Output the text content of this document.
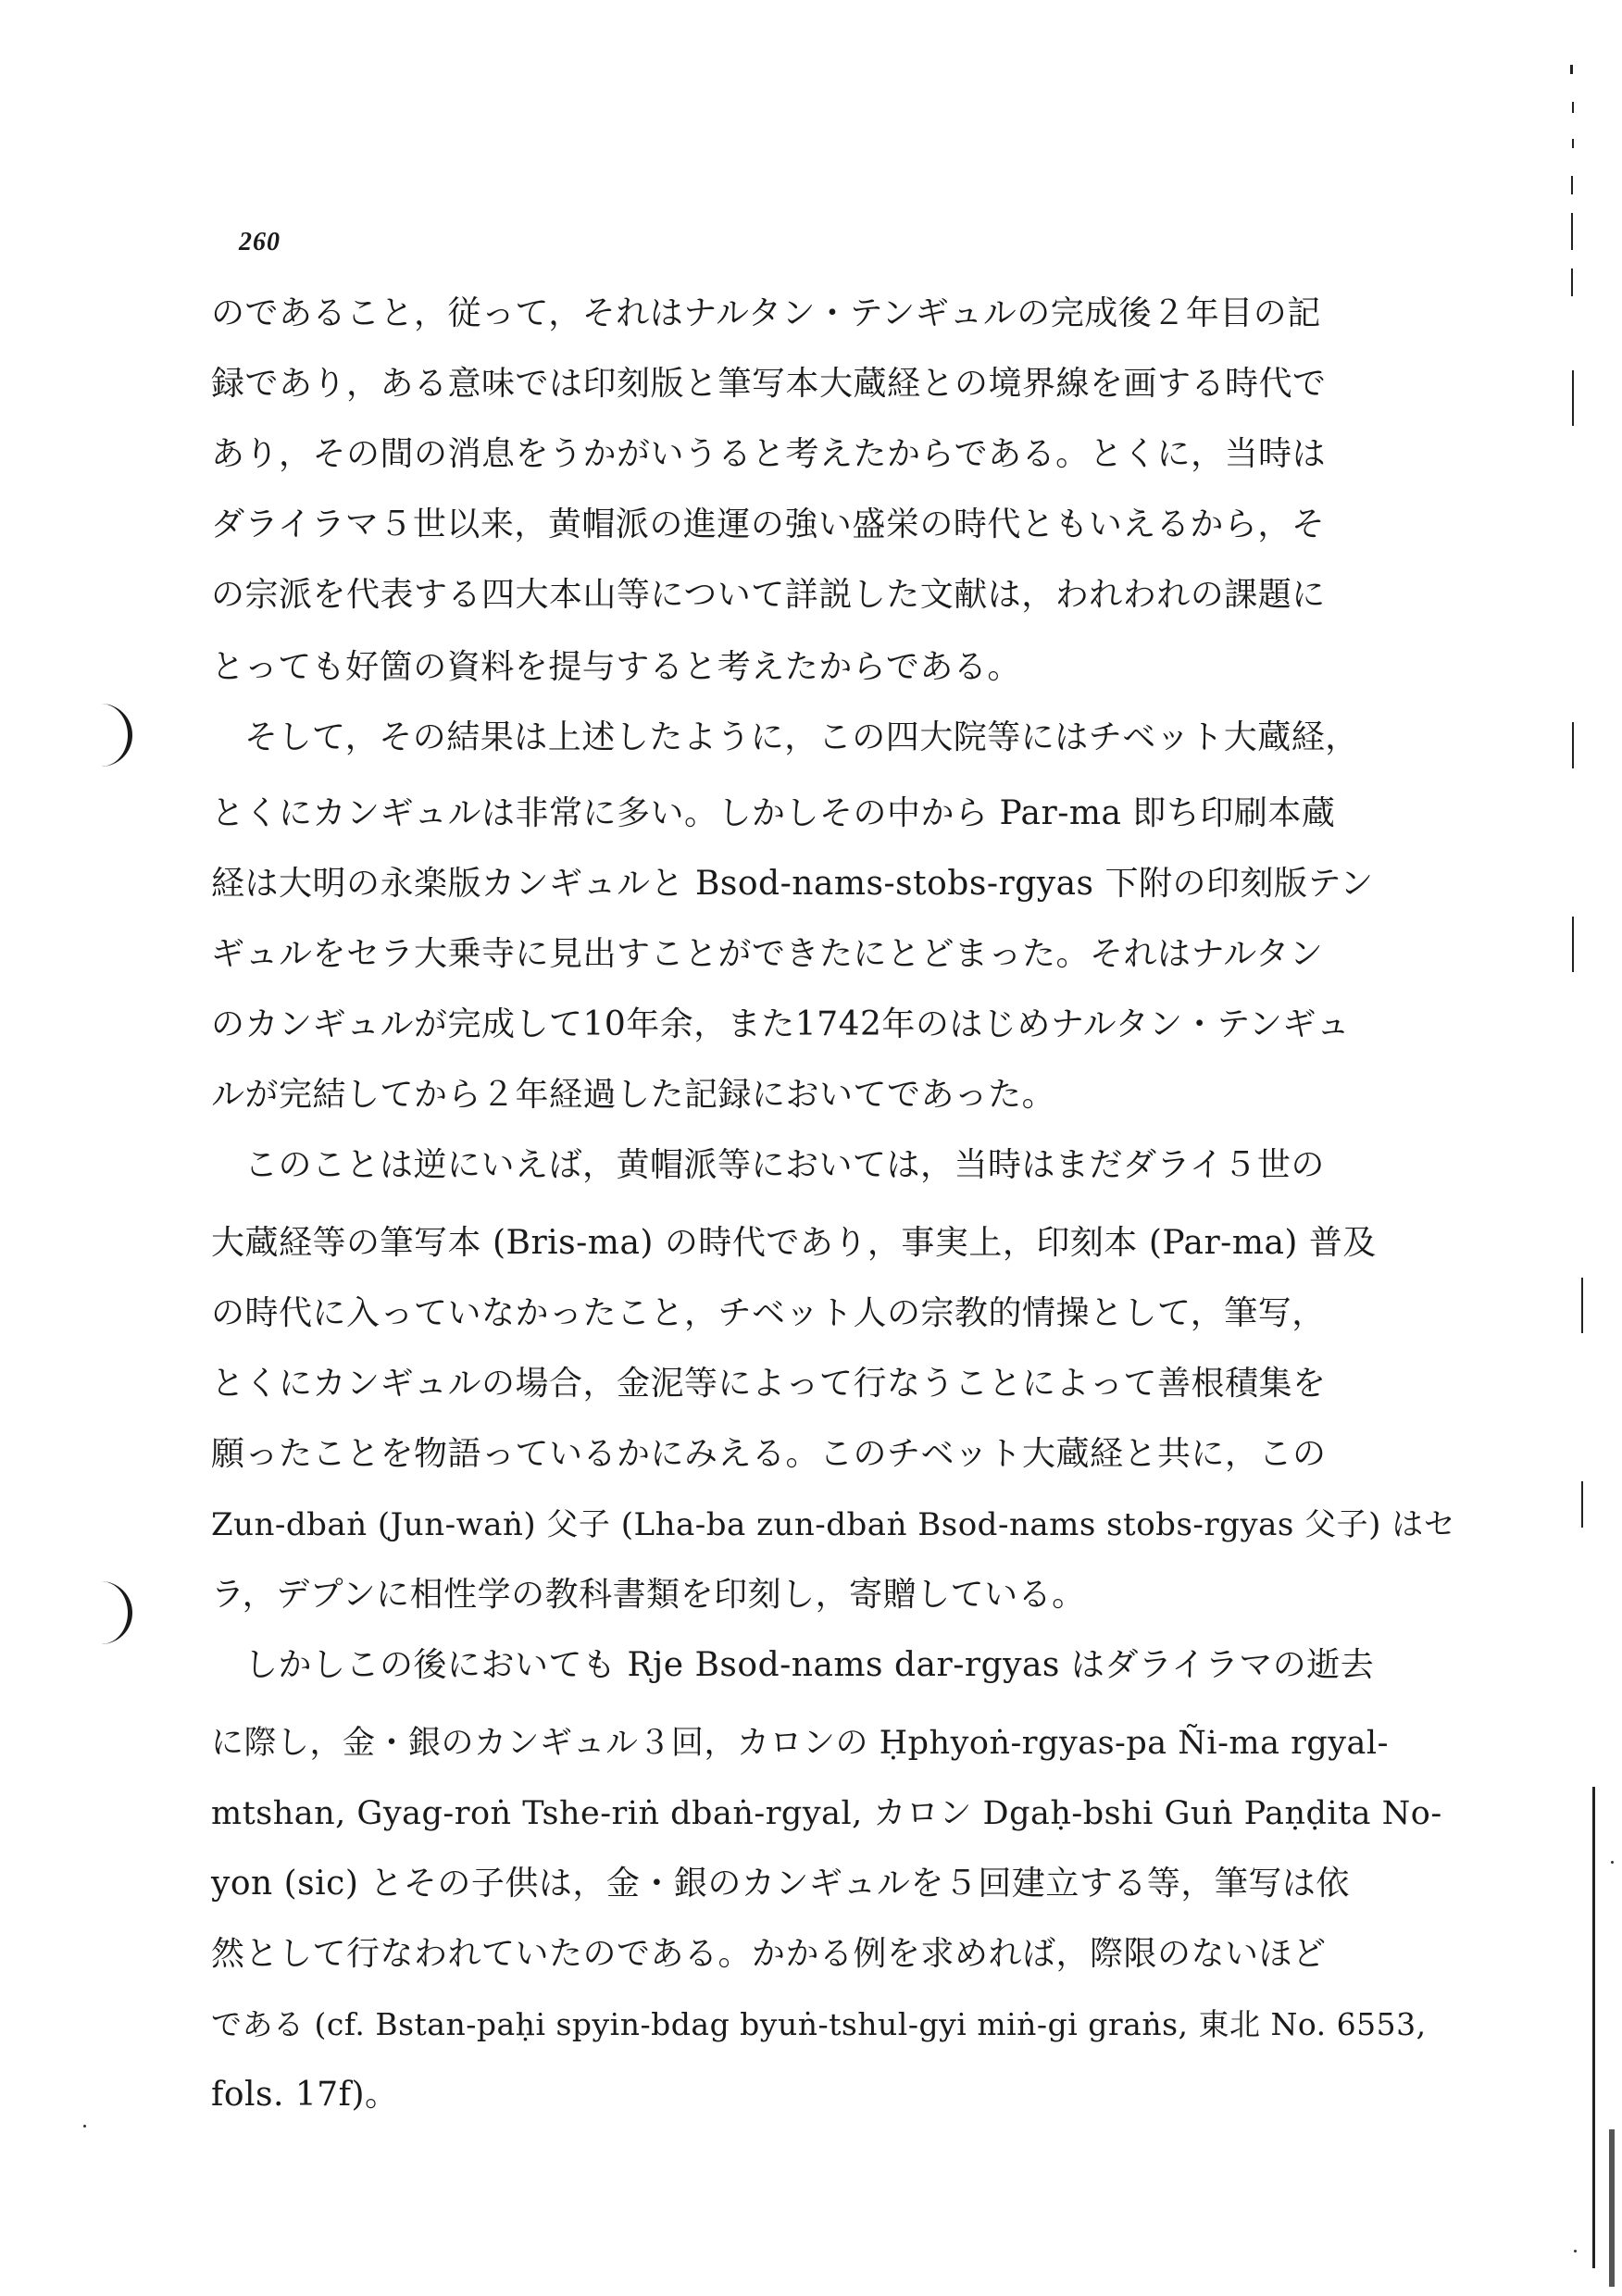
260
のであること，従って，それはナルタン・テンギュルの完成後２年目の記
録であり，ある意味では印刻版と筆写本大蔵経との境界線を画する時代で
あり，その間の消息をうかがいうると考えたからである。とくに，当時は
ダライラマ５世以来，黄帽派の進運の強い盛栄の時代ともいえるから，そ
の宗派を代表する四大本山等について詳説した文献は，われわれの課題に
とっても好箇の資料を提与すると考えたからである。
そして，その結果は上述したように，この四大院等にはチベット大蔵経，
とくにカンギュルは非常に多い。しかしその中から Par-ma 即ち印刷本蔵
経は大明の永楽版カンギュルと Bsod-nams-stobs-rgyas 下附の印刻版テン
ギュルをセラ大乗寺に見出すことができたにとどまった。それはナルタン
のカンギュルが完成して10年余，また1742年のはじめナルタン・テンギュ
ルが完結してから２年経過した記録においてであった。
このことは逆にいえば，黄帽派等においては，当時はまだダライ５世の
大蔵経等の筆写本 (Bris-ma) の時代であり，事実上，印刻本 (Par-ma) 普及
の時代に入っていなかったこと，チベット人の宗教的情操として，筆写，
とくにカンギュルの場合，金泥等によって行なうことによって善根積集を
願ったことを物語っているかにみえる。このチベット大蔵経と共に，この
Zun-dbaṅ (Jun-waṅ) 父子 (Lha-ba zun-dbaṅ Bsod-nams stobs-rgyas 父子) はセ
ラ，デプンに相性学の教科書類を印刻し，寄贈している。
しかしこの後においても Rje Bsod-nams dar-rgyas はダライラマの逝去
に際し，金・銀のカンギュル３回，カロンの Ḥphyoṅ-rgyas-pa Ñi-ma rgyal-
mtshan, Gyag-roṅ Tshe-riṅ dbaṅ-rgyal, カロン Dgaḥ-bshi Guṅ Paṇḍita No-
yon (sic) とその子供は，金・銀のカンギュルを５回建立する等，筆写は依
然として行なわれていたのである。かかる例を求めれば，際限のないほど
である (cf. Bstan-paḥi spyin-bdag byuṅ-tshul-gyi miṅ-gi graṅs, 東北 No. 6553,
fols. 17f)。
